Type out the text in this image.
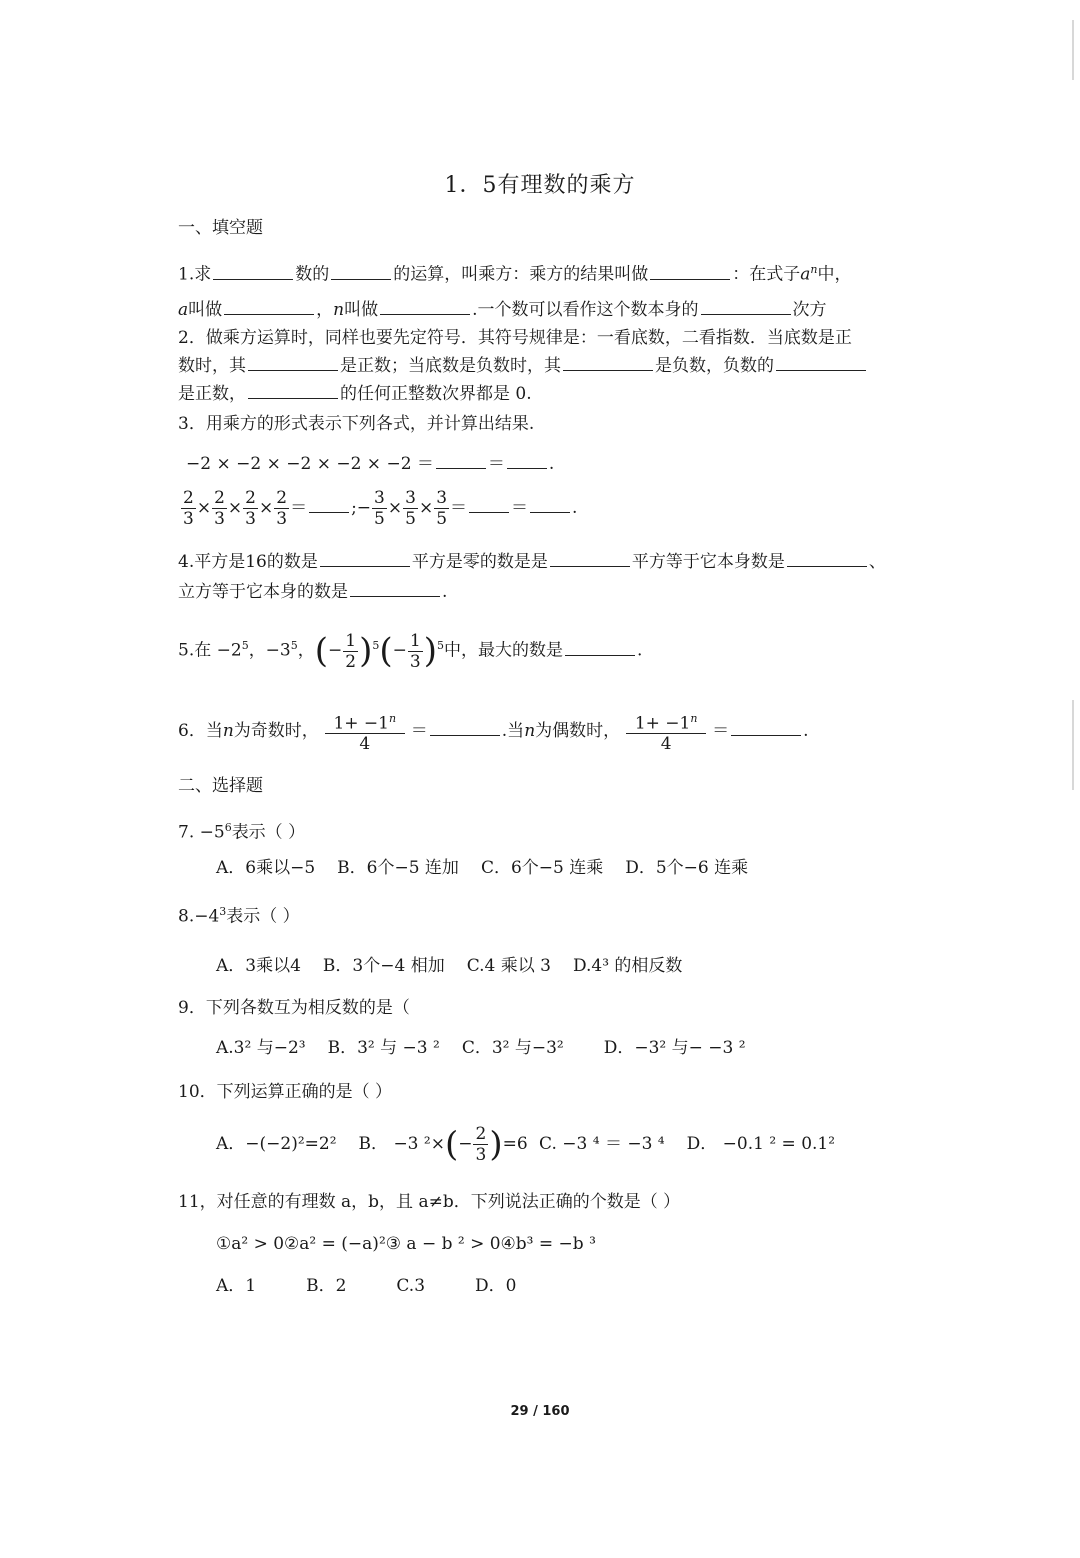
1．5有理数的乘方
一、填空题
1.求	数的	的运算，叫乘方：乘方的结果叫做	：在式子$a^n$中，
a叫做	，n叫做	.一个数可以看作这个数本身的	次方
2．做乘方运算时，同样也要先定符号．其符号规律是：一看底数，二看指数．当底数是正
数时，其	是正数；当底数是负数时，其	是负数，负数的
是正数，	的任何正整数次界都是 0.
3．用乘方的形式表示下列各式，并计算出结果.
−2 × −2 × −2 × −2 × −2 ＝	＝	.
$\frac{2}{3} \times \frac{2}{3} \times \frac{2}{3} \times \frac{2}{3}$ ＝	;− $\frac{3}{5} \times \frac{3}{5} \times \frac{3}{5}$ ＝	＝	.
4.平方是16的数是	平方是零的数是是	平方等于它本身数是	、
立方等于它本身的数是	.
5.在 $-2^5$，$-3^5$，(− $\frac{1}{2} )^5(- \frac{1}{3} )^5$中，最大的数是	.
6．当n为奇数时， $\frac{1+ -1^n}{4}$ ＝	.当n为偶数时， $\frac{1+ -1^n}{4}$ ＝	.
二、选择题
7. $-5^6$表示（ ）
A．6乘以−5 B．6个−5 连加 C．6个−5 连乘 D．5个−6 连乘
$8.-4^3$表示（ ）
A．3乘以4 B．3个−4 相加 C.4 乘以 3 D.4³ 的相反数
9．下列各数互为相反数的是（
A.3² 与−2³ B．3² 与 −3 ² C．3² 与−3² D．−3² 与− −3 ²
10．下列运算正确的是（ ）
A．−(−2)²=2² B． −3 $^2\times(- \frac{2}{3} )=6$ C. −3 ⁴ ＝ −3 ⁴ D． −0.1 ² = 0.1²
11，对任意的有理数 a，b，且 a≠b．下列说法正确的个数是（ ）
①a² > 0②a² = (−a)²③ a − b ² > 0④b³ = −b ³
A．1	B．2	C.3	D．0
29 / 160
